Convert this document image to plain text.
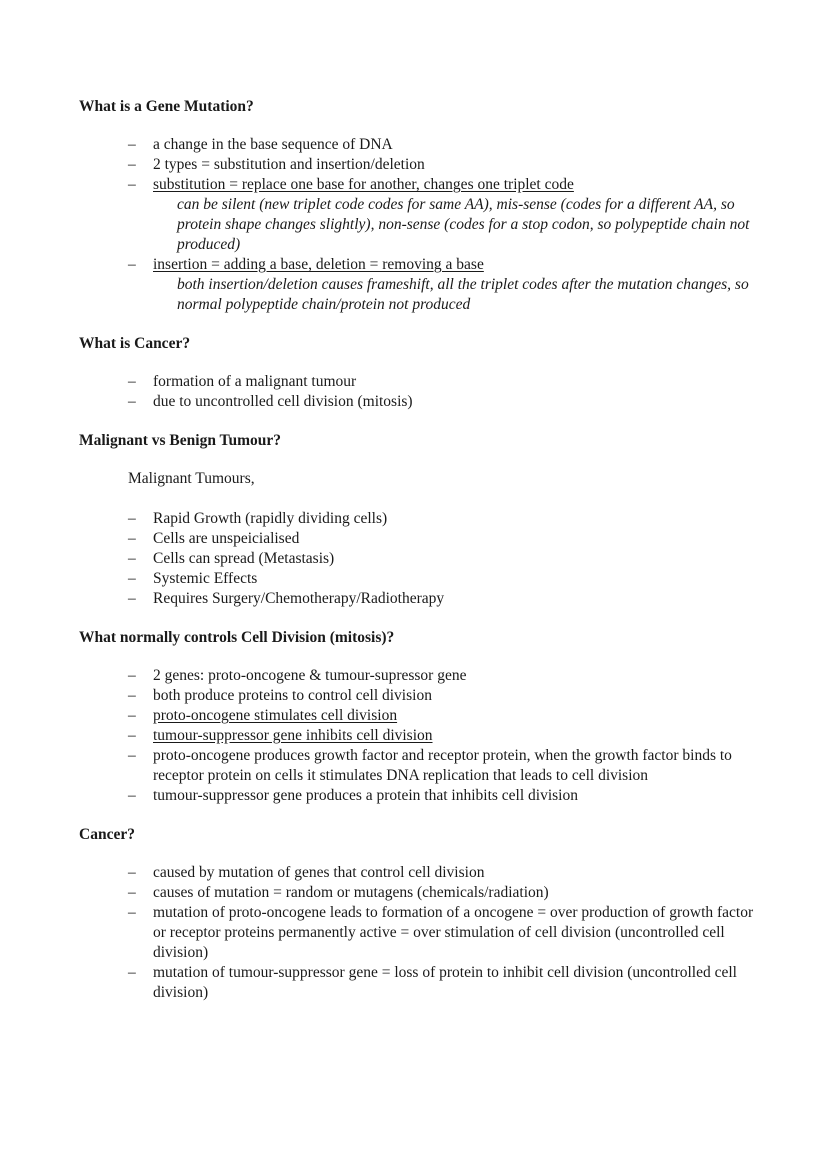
What is a Gene Mutation?
– a change in the base sequence of DNA
– 2 types = substitution and insertion/deletion
– substitution = replace one base for another, changes one triplet code
can be silent (new triplet code codes for same AA), mis-sense (codes for a different AA, so protein shape changes slightly), non-sense (codes for a stop codon, so polypeptide chain not produced)
– insertion = adding a base, deletion = removing a base
both insertion/deletion causes frameshift, all the triplet codes after the mutation changes, so normal polypeptide chain/protein not produced
What is Cancer?
– formation of a malignant tumour
– due to uncontrolled cell division (mitosis)
Malignant vs Benign Tumour?
Malignant Tumours,
– Rapid Growth (rapidly dividing cells)
– Cells are unspeicialised
– Cells can spread (Metastasis)
– Systemic Effects
– Requires Surgery/Chemotherapy/Radiotherapy
What normally controls Cell Division (mitosis)?
– 2 genes: proto-oncogene & tumour-supressor gene
– both produce proteins to control cell division
– proto-oncogene stimulates cell division
– tumour-suppressor gene inhibits cell division
– proto-oncogene produces growth factor and receptor protein, when the growth factor binds to receptor protein on cells it stimulates DNA replication that leads to cell division
– tumour-suppressor gene produces a protein that inhibits cell division
Cancer?
– caused by mutation of genes that control cell division
– causes of mutation = random or mutagens (chemicals/radiation)
– mutation of proto-oncogene leads to formation of a oncogene = over production of growth factor or receptor proteins permanently active = over stimulation of cell division (uncontrolled cell division)
– mutation of tumour-suppressor gene = loss of protein to inhibit cell division (uncontrolled cell division)
